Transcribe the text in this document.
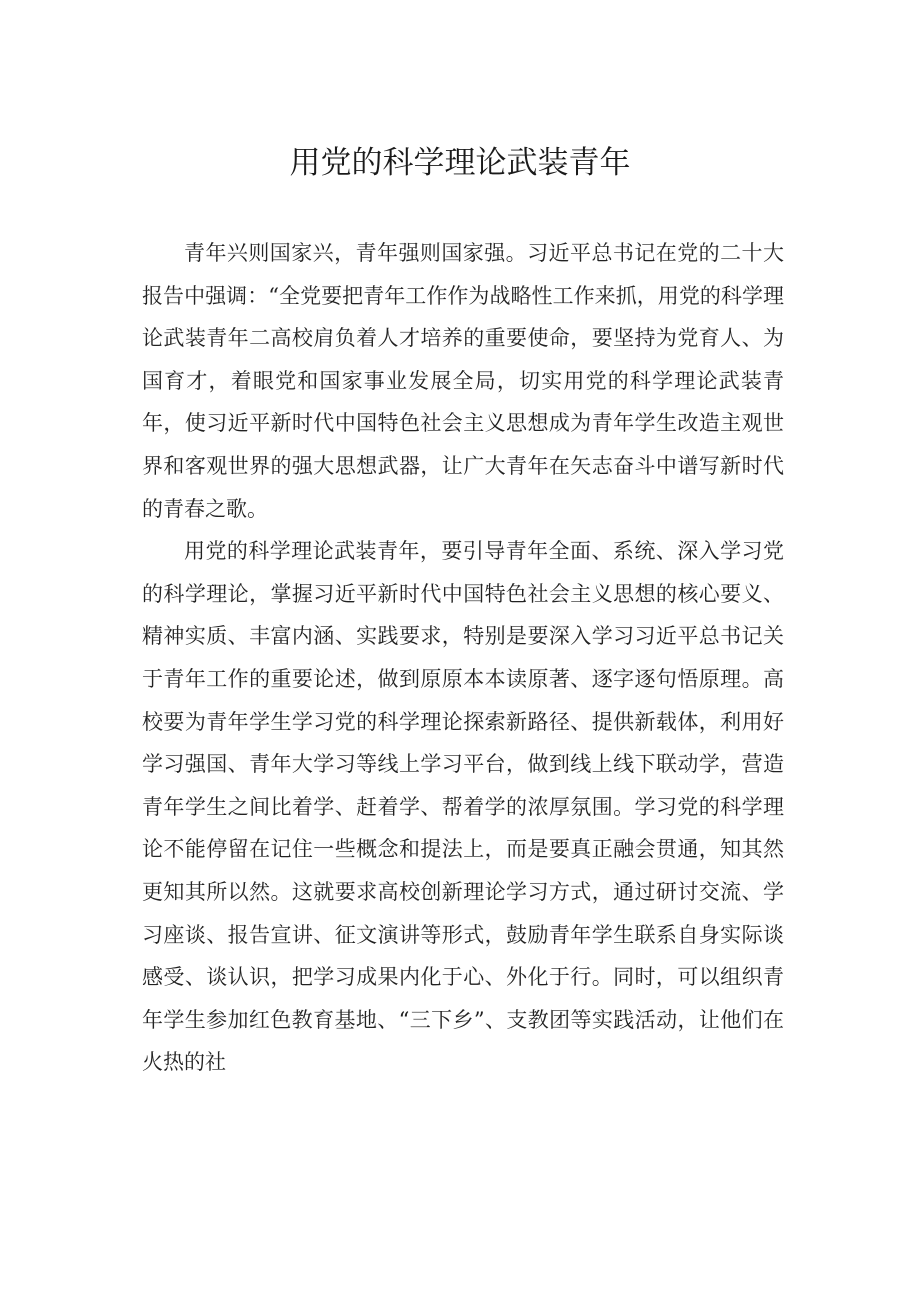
用党的科学理论武装青年

青年兴则国家兴，青年强则国家强。习近平总书记在党的二十大报告中强调：“全党要把青年工作作为战略性工作来抓，用党的科学理论武装青年二高校肩负着人才培养的重要使命，要坚持为党育人、为国育才，着眼党和国家事业发展全局，切实用党的科学理论武装青年，使习近平新时代中国特色社会主义思想成为青年学生改造主观世界和客观世界的强大思想武器，让广大青年在矢志奋斗中谱写新时代的青春之歌。

用党的科学理论武装青年，要引导青年全面、系统、深入学习党的科学理论，掌握习近平新时代中国特色社会主义思想的核心要义、精神实质、丰富内涵、实践要求，特别是要深入学习习近平总书记关于青年工作的重要论述，做到原原本本读原著、逐字逐句悟原理。高校要为青年学生学习党的科学理论探索新路径、提供新载体，利用好学习强国、青年大学习等线上学习平台，做到线上线下联动学，营造青年学生之间比着学、赶着学、帮着学的浓厚氛围。学习党的科学理论不能停留在记住一些概念和提法上，而是要真正融会贯通，知其然更知其所以然。这就要求高校创新理论学习方式，通过研讨交流、学习座谈、报告宣讲、征文演讲等形式，鼓励青年学生联系自身实际谈感受、谈认识，把学习成果内化于心、外化于行。同时，可以组织青年学生参加红色教育基地、“三下乡”、支教团等实践活动，让他们在火热的社
